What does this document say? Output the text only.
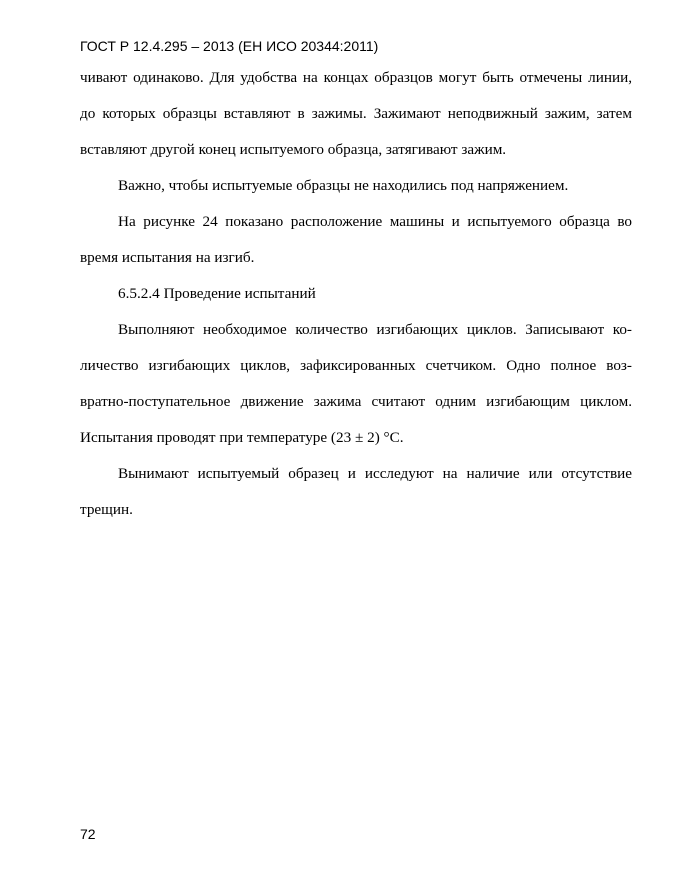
ГОСТ Р 12.4.295 – 2013 (ЕН ИСО 20344:2011)
чивают одинаково. Для удобства на концах образцов могут быть отмечены линии,
до которых образцы вставляют в зажимы. Зажимают неподвижный зажим, затем
вставляют другой конец испытуемого образца, затягивают зажим.
Важно, чтобы испытуемые образцы не находились под напряжением.
На рисунке 24 показано расположение машины и испытуемого образца во
время испытания на изгиб.
6.5.2.4 Проведение испытаний
Выполняют необходимое количество изгибающих циклов. Записывают ко-
личество изгибающих циклов, зафиксированных счетчиком. Одно полное воз-
вратно-поступательное движение зажима считают одним изгибающим циклом.
Испытания проводят при температуре (23 ± 2) °С.
Вынимают испытуемый образец и исследуют на наличие или отсутствие
трещин.
72
